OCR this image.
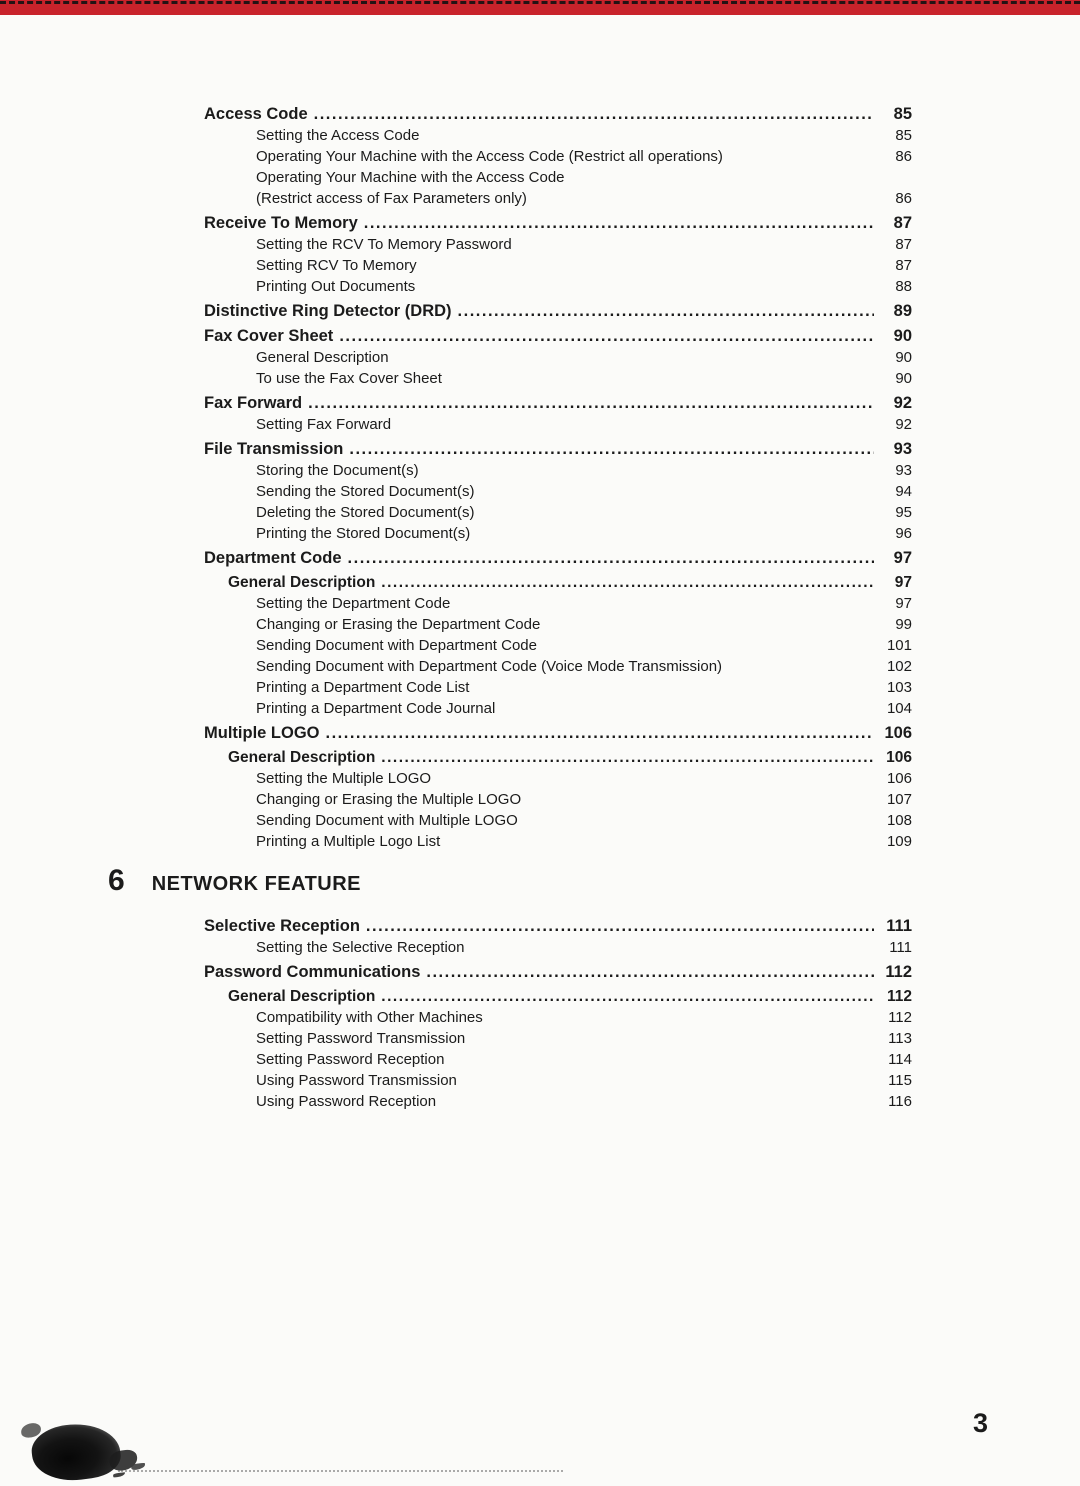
Access Code .....	85
Setting the Access Code	85
Operating Your Machine with the Access Code (Restrict all operations)	86
Operating Your Machine with the Access Code
(Restrict access of Fax Parameters only)	86
Receive To Memory .....	87
Setting the RCV To Memory Password	87
Setting RCV To Memory	87
Printing Out Documents	88
Distinctive Ring Detector (DRD) .....	89
Fax Cover Sheet .....	90
General Description	90
To use the Fax Cover Sheet	90
Fax Forward .....	92
Setting Fax Forward	92
File Transmission .....	93
Storing the Document(s)	93
Sending the Stored Document(s)	94
Deleting the Stored Document(s)	95
Printing the Stored Document(s)	96
Department Code .....	97
General Description .....	97
Setting the Department Code	97
Changing or Erasing the Department Code	99
Sending Document with Department Code	101
Sending Document with Department Code (Voice Mode Transmission)	102
Printing a Department Code List	103
Printing a Department Code Journal	104
Multiple LOGO .....	106
General Description .....	106
Setting the Multiple LOGO	106
Changing or Erasing the Multiple LOGO	107
Sending Document with Multiple LOGO	108
Printing a Multiple Logo List	109
6 NETWORK FEATURE
Selective Reception .....	111
Setting the Selective Reception	111
Password Communications .....	112
General Description .....	112
Compatibility with Other Machines	112
Setting Password Transmission	113
Setting Password Reception	114
Using Password Transmission	115
Using Password Reception	116
3
